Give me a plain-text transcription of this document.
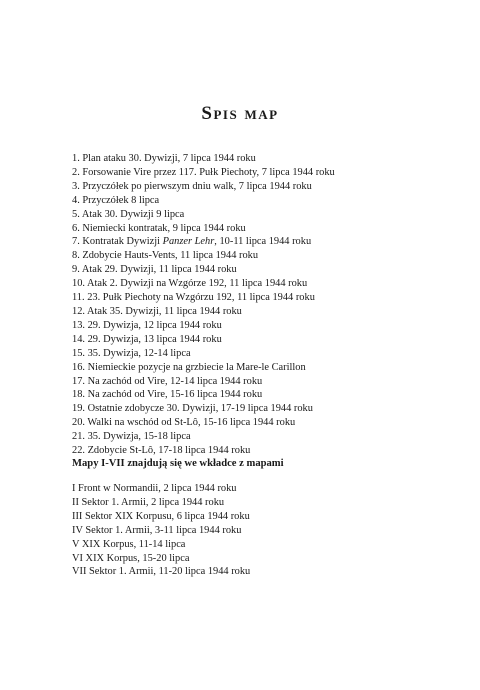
Spis map
1. Plan ataku 30. Dywizji, 7 lipca 1944 roku
2. Forsowanie Vire przez 117. Pułk Piechoty, 7 lipca 1944 roku
3. Przyczółek po pierwszym dniu walk, 7 lipca 1944 roku
4. Przyczółek 8 lipca
5. Atak 30. Dywizji 9 lipca
6. Niemiecki kontratak, 9 lipca 1944 roku
7. Kontratak Dywizji Panzer Lehr, 10-11 lipca 1944 roku
8. Zdobycie Hauts-Vents, 11 lipca 1944 roku
9. Atak 29. Dywizji, 11 lipca 1944 roku
10. Atak 2. Dywizji na Wzgórze 192, 11 lipca 1944 roku
11. 23. Pułk Piechoty na Wzgórzu 192, 11 lipca 1944 roku
12. Atak 35. Dywizji, 11 lipca 1944 roku
13. 29. Dywizja, 12 lipca 1944 roku
14. 29. Dywizja, 13 lipca 1944 roku
15. 35. Dywizja, 12-14 lipca
16. Niemieckie pozycje na grzbiecie la Mare-le Carillon
17. Na zachód od Vire, 12-14 lipca 1944 roku
18. Na zachód od Vire, 15-16 lipca 1944 roku
19. Ostatnie zdobycze 30. Dywizji, 17-19 lipca 1944 roku
20. Walki na wschód od St-Lô, 15-16 lipca 1944 roku
21. 35. Dywizja, 15-18 lipca
22. Zdobycie St-Lô, 17-18 lipca 1944 roku

Mapy I-VII znajdują się we wkładce z mapami

I Front w Normandii, 2 lipca 1944 roku
II Sektor 1. Armii, 2 lipca 1944 roku
III Sektor XIX Korpusu, 6 lipca 1944 roku
IV Sektor 1. Armii, 3-11 lipca 1944 roku
V XIX Korpus, 11-14 lipca
VI XIX Korpus, 15-20 lipca
VII Sektor 1. Armii, 11-20 lipca 1944 roku
